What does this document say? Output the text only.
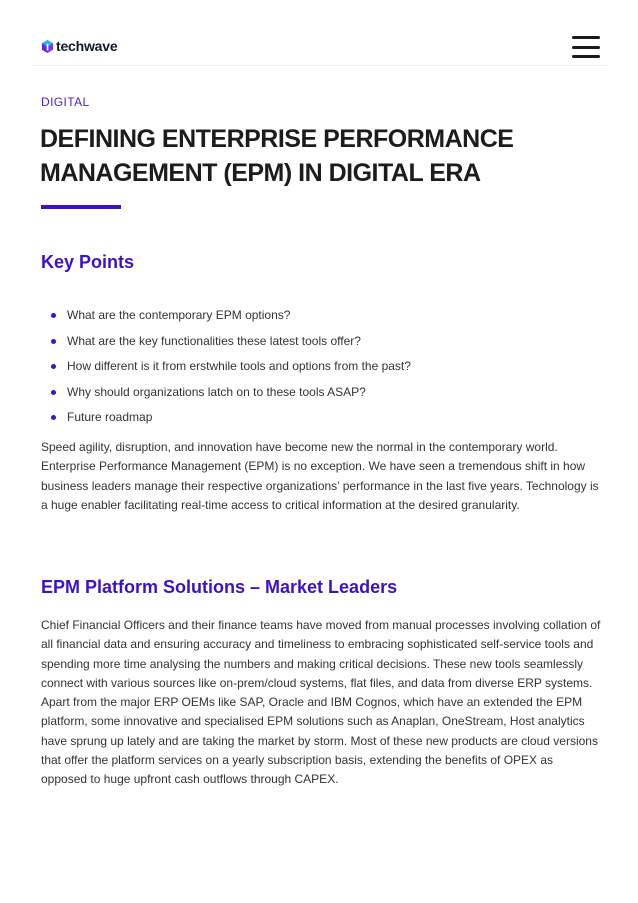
techwave
DIGITAL
DEFINING ENTERPRISE PERFORMANCE MANAGEMENT (EPM) IN DIGITAL ERA
Key Points
What are the contemporary EPM options?
What are the key functionalities these latest tools offer?
How different is it from erstwhile tools and options from the past?
Why should organizations latch on to these tools ASAP?
Future roadmap

Speed agility, disruption, and innovation have become new the normal in the contemporary world. Enterprise Performance Management (EPM) is no exception. We have seen a tremendous shift in how business leaders manage their respective organizations’ performance in the last five years. Technology is a huge enabler facilitating real-time access to critical information at the desired granularity.

EPM Platform Solutions – Market Leaders

Chief Financial Officers and their finance teams have moved from manual processes involving collation of all financial data and ensuring accuracy and timeliness to embracing sophisticated self-service tools and spending more time analysing the numbers and making critical decisions. These new tools seamlessly connect with various sources like on-prem/cloud systems, flat files, and data from diverse ERP systems. Apart from the major ERP OEMs like SAP, Oracle and IBM Cognos, which have an extended the EPM platform, some innovative and specialised EPM solutions such as Anaplan, OneStream, Host analytics have sprung up lately and are taking the market by storm. Most of these new products are cloud versions that offer the platform services on a yearly subscription basis, extending the benefits of OPEX as opposed to huge upfront cash outflows through CAPEX.
